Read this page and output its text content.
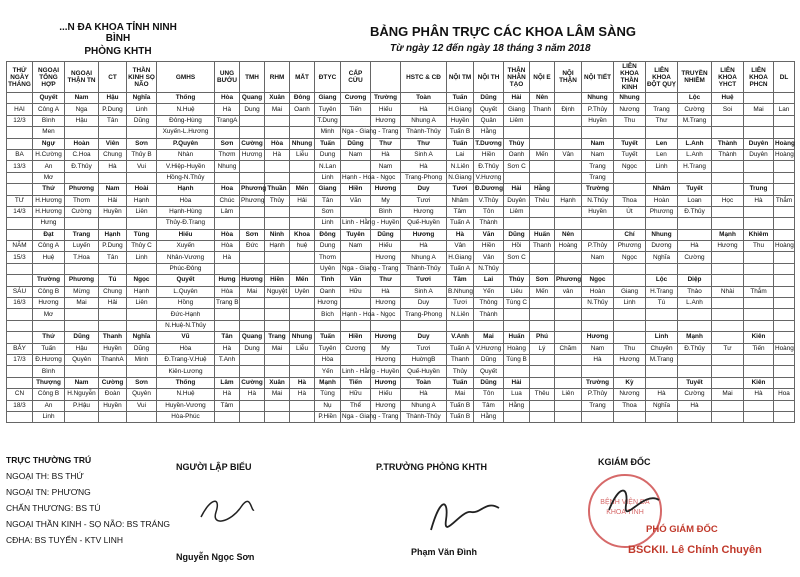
...N ĐA KHOA TỈNH NINH BÌNH
PHÒNG KHTH
BẢNG PHÂN TRỰC CÁC KHOA LÂM SÀNG
Từ ngày 12 đến ngày 18 tháng 3 năm 2018
THỨ NGÀY THÁNG	NGOẠI TỔNG HỢP	NGOẠI THẬN TN	CT	THẦN KINH SỌ NÃO	GMHS	UNG BƯỚU	TMH	RHM	MẮT	ĐTYC	CẤP CỨU		HSTC & CĐ	NỘI TM	NỘI TH	THẬN NHÂN TẠO	NỘI E	NỘI THẬN	NỘI TIẾT	LIÊN KHOA THẦN KINH	LIÊN KHOA ĐỘT QUỴ	TRUYỀN NHIỄM	LIÊN KHOA YHCT	LIÊN KHOA PHCN	DL
	Quyết	Nam	Hậu	Nghĩa	Thống	Hòa	Quang	Xuân	Đông	Giang	Cương	Trường	Toàn	Tuấn	Dũng	Hải	Nên		Nhung	Nhung		Lộc	Huệ		
HAI	Công A	Nga	P.Dung	Linh	N.Huệ	Hà	Dung	Mai	Oanh	Tuyên	Tiến	Hiếu	Hà	H.Giang	Quyết	Giang	Thanh	Định	P.Thủy	Nương	Trang	Cường	Soi	Mai	Lan
12/3	Bình	Hậu	Tân	Dũng	Đông-Hùng	TrangA				T.Dung		Hương	Nhung A	Huyền	Quân	Liêm			Huyền	Thu	Thư	M.Trang			
	Men				Xuyến-L.Hương					Minh	Nga - Giang - Trang		Thành-Thủy	Tuấn B	Hằng										
	Ngự	Hoàn	Viên	Sơn	P.Quyên	Sơn	Cường	Hòa	Nhung	Tuấn	Dũng	Thư	Thư	Tuấn	T.Dương	Thủy			Nam	Tuyết	Len	L.Anh	Thành	Duyên	Hoàng
BA	H.Cường	C.Hoa	Chung	Thủy B	Nhàn	Thơm	Hương	Hà	Liễu	Dung	Nam	Hà	Sinh A	Lai	Hiền	Oanh	Mến	Vân	Nam	Tuyết	Len	L.Anh	Thành	Duyên	Hoàng
13/3	An	Đ.Thủy	Hà	Vui	V.Hiệp-Huyền	Nhung				N.Lan		Nam	Hà	N.Liên	Đ.Thủy	Sơn C			Trang	Ngọc	Linh	H.Trang			
	Mơ				Hồng-N.Thủy					Linh	Hạnh - Hoa - Ngọc		Trang-Phong	N.Giang	V.Hương				Trang						
	Thứ	Phương	Nam	Hoài	Hạnh	Hoa	Phương	Thuần	Mến	Giang	Hiền	Hương	Duy	Tươi	Đ.Dương	Hải	Hằng		Trường		Nhâm	Tuyết		Trung	
TƯ	H.Hương	Thơm	Hải	Hạnh	Hòa	Chúc	Phương	Thủy	Hải	Tân	Văn	My	Tươi	Nhâm	V.Thủy	Duyên	Thêu	Hạnh	N.Thủy	Thoa	Hoàn	Loan	Học	Hà	Thắm
14/3	H.Hương	Cường	Huyền	Liên	Hạnh-Hùng	Lâm				Sơn		Bình	Hương	Tâm	Tôn	Liêm			Huyền	Út	Phương	Đ.Thủy			
	Hưng				Thủy-Đ.Trang					Linh	Linh - Hằng - Huyền		Quế-Huyền	Tuấn A	Thành										
	Đạt	Trang	Hạnh	Tùng	Hiếu	Hòa	Sơn	Ninh	Khoa	Đông	Tuyên	Dũng	Hương	Hà	Văn	Dũng	Huấn	Nên		Chí	Nhung		Mạnh	Khiêm	
NĂM	Công A	Luyến	P.Dung	Thủy C	Xuyến	Hòa	Đức	Hạnh	huệ	Dung	Nam	Hiếu	Hà	Vân	Hiền	Hồi	Thanh	Hoàng	P.Thủy	Phương	Dương	Hà	Hương	Thu	Hoàng
15/3	Huệ	T.Hoa	Tân	Linh	Nhân-Vương	Hà				Thơm		Hương	Nhung A	H.Giang	Vân	Sơn C			Nam	Ngọc	Nghĩa	Cường			
					Phúc-Đông					Uyên	Nga - Giang - Trang		Thành-Thủy	Tuấn A	N.Thủy										
	Trường	Phương	Tú	Ngọc	Quyết	Hưng	Hương	Hiền	Mến	Tình	Văn	Thư	Tươi	Tâm	Lai	Thủy	Sơn	Phương	Ngọc		Lộc	Diệp			
SÁU	Công B	Mừng	Chung	Hạnh	L.Quyên	Hòa	Mai	Nguyệt	Uyên	Oanh	Hữu	Hà	Sinh A	B.Nhung	Yến	Liêu	Mến	vân	Hoàn	Giang	H.Trang	Thảo	Nhài	Thắm	
16/3	Hương	Mai	Hải	Liên	Hồng	Trang B				Hương		Hương	Duy	Tươi	Thông	Tùng C			N.Thủy	Linh	Tú	L.Anh			
	Mơ				Đức-Hạnh					Bích	Hạnh - Hoa - Ngọc		Trang-Phong	N.Liên	Thành										
					N.Huệ-N.Thủy																				
	Thứ	Dũng	Thanh	Nghĩa	Vũ	Tân	Quang	Trang	Nhung	Tuấn	Hiền	Hương	Duy	V.Anh	Mai	Huấn	Phú		Hương		Linh	Mạnh		Kiên	
BẢY	Tuấn	Hậu	Huyền	Dũng	Hòa	Hà	Dung	Mai	Liễu	Tuyên	Cương	My	Tươi	Tuấn A	V.Hương	Hoàng	Lý	Chăm	Nam	Thu	Chuyên	Đ.Thủy	Tư	Tiến	Hoàng
17/3	Đ.Hương	Quyên	ThanhA	Minh	Đ.Trang-V.Huệ	T.Anh				Hòa		Hương	HuờngB	Thanh	Dũng	Tùng B			Hà	Hương	M.Trang				
	Bình				Kiên-Lương					Yến	Linh - Hằng - Huyền		Quế-Huyền	Thủy	Quyết										
	Thượng	Nam	Cường	Sơn	Thống	Lâm	Cường	Xuân	Hà	Mạnh	Tiến	Hương	Toàn	Tuấn	Dũng	Hải			Trường	Kỳ		Tuyết		Kiên	
CN	Công B	H.Nguyễn	Đoàn	Quyên	N.Huệ	Hà	Hà	Mai	Hà	Tùng	Hữu	Hiếu	Hà	Mai	Tôn	Lua	Thêu	Liên	P.Thủy	Nương	Hà	Cường	Mai	Hà	Hoa
18/3	An	P.Hậu	Huyền	Vui	Huyền-Vương	Tâm				Nụ	Thể	Hương	Nhung A	Tuấn B	Tâm	Hằng			Trang	Thoa	Nghĩa	Hà			
	Linh				Hòa-Phúc					P.Hiền	Nga - Giang - Trang		Thành-Thủy	Tuấn B	Hằng										
TRỰC THƯỜNG TRÚ
NGOẠI TH: BS THỨ
NGOẠI TN: PHƯƠNG
CHẤN THƯƠNG: BS TÚ
NGOẠI THẦN KINH - SỌ NÃO: BS TRÁNG
CĐHA: BS TUYẾN - KTV LINH
NGƯỜI LẬP BIỂU
Nguyễn Ngọc Sơn
P.TRƯỞNG PHÒNG KHTH
Phạm Văn Đình
KGIÁM ĐỐC
BỆNH VIỆN ĐA KHOA TỈNH
PHÓ GIÁM ĐỐC
BSCKII. Lê Chính Chuyên
